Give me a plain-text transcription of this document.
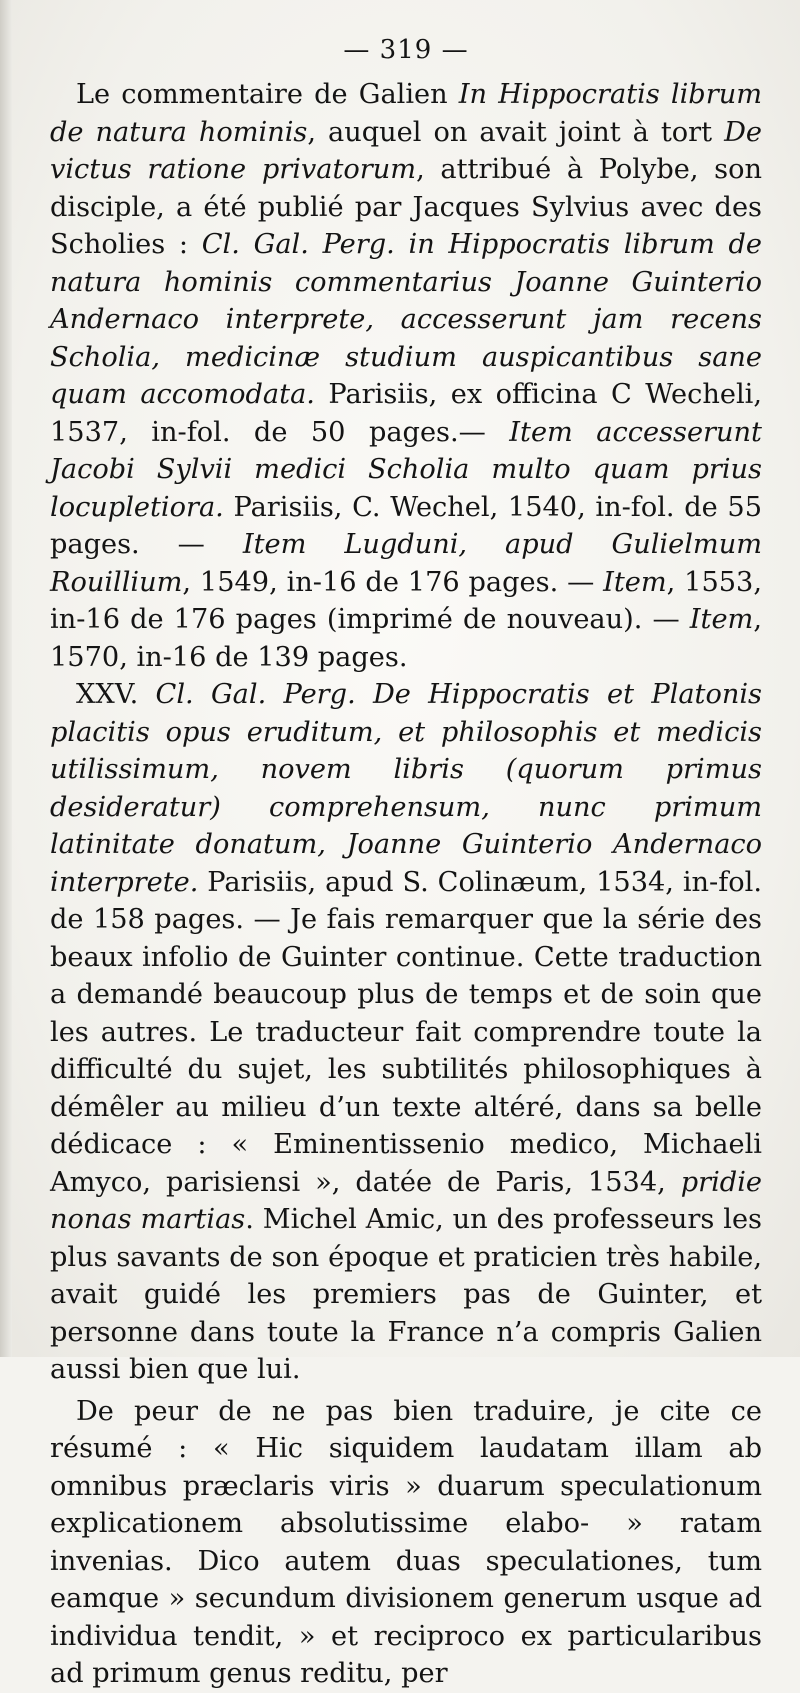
— 319 —

Le commentaire de Galien In Hippocratis librum de natura hominis, auquel on avait joint à tort De victus ratione privatorum, attribué à Polybe, son disciple, a été publié par Jacques Sylvius avec des Scholies : Cl. Gal. Perg. in Hippocratis librum de natura hominis commentarius Joanne Guinterio Andernaco interprete, accesserunt jam recens Scholia, medicinæ studium auspicantibus sane quam accomodata. Parisiis, ex officina C Wecheli, 1537, in-fol. de 50 pages.— Item accesserunt Jacobi Sylvii medici Scholia multo quam prius locupletiora. Parisiis, C. Wechel, 1540, in-fol. de 55 pages. — Item Lugduni, apud Gulielmum Rouillium, 1549, in-16 de 176 pages. — Item, 1553, in-16 de 176 pages (imprimé de nouveau). — Item, 1570, in-16 de 139 pages.

XXV. Cl. Gal. Perg. De Hippocratis et Platonis placitis opus eruditum, et philosophis et medicis utilissimum, novem libris (quorum primus desideratur) comprehensum, nunc primum latinitate donatum, Joanne Guinterio Andernaco interprete. Parisiis, apud S. Colinæum, 1534, in-fol. de 158 pages. — Je fais remarquer que la série des beaux infolio de Guinter continue. Cette traduction a demandé beaucoup plus de temps et de soin que les autres. Le traducteur fait comprendre toute la difficulté du sujet, les subtilités philosophiques à démêler au milieu d’un texte altéré, dans sa belle dédicace : « Eminentissenio medico, Michaeli Amyco, parisiensi », datée de Paris, 1534, pridie nonas martias. Michel Amic, un des professeurs les plus savants de son époque et praticien très habile, avait guidé les premiers pas de Guinter, et personne dans toute la France n’a compris Galien aussi bien que lui.

De peur de ne pas bien traduire, je cite ce résumé : « Hic siquidem laudatam illam ab omnibus præclaris viris » duarum speculationum explicationem absolutissime elabo- » ratam invenias. Dico autem duas speculationes, tum eamque » secundum divisionem generum usque ad individua tendit, » et reciproco ex particularibus ad primum genus reditu, per
